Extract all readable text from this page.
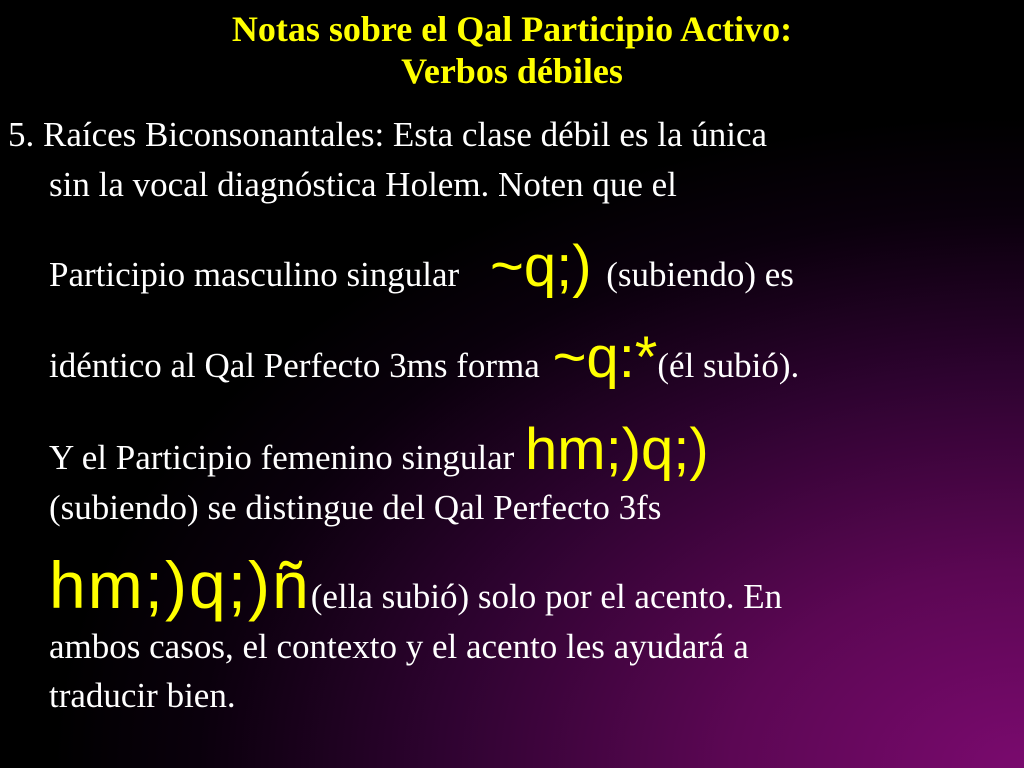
Notas sobre el Qal Participio Activo:
Verbos débiles
5. Raíces Biconsonantales: Esta clase débil es la única
sin la vocal diagnóstica Holem. Noten que el
Participio masculino singular ~q;) (subiendo) es
idéntico al Qal Perfecto 3ms forma ~q:*(él subió).
Y el Participio femenino singular hm;)q;)
(subiendo) se distingue del Qal Perfecto 3fs
hm;)q;)ñ(ella subió) solo por el acento. En
ambos casos, el contexto y el acento les ayudará a
traducir bien.
